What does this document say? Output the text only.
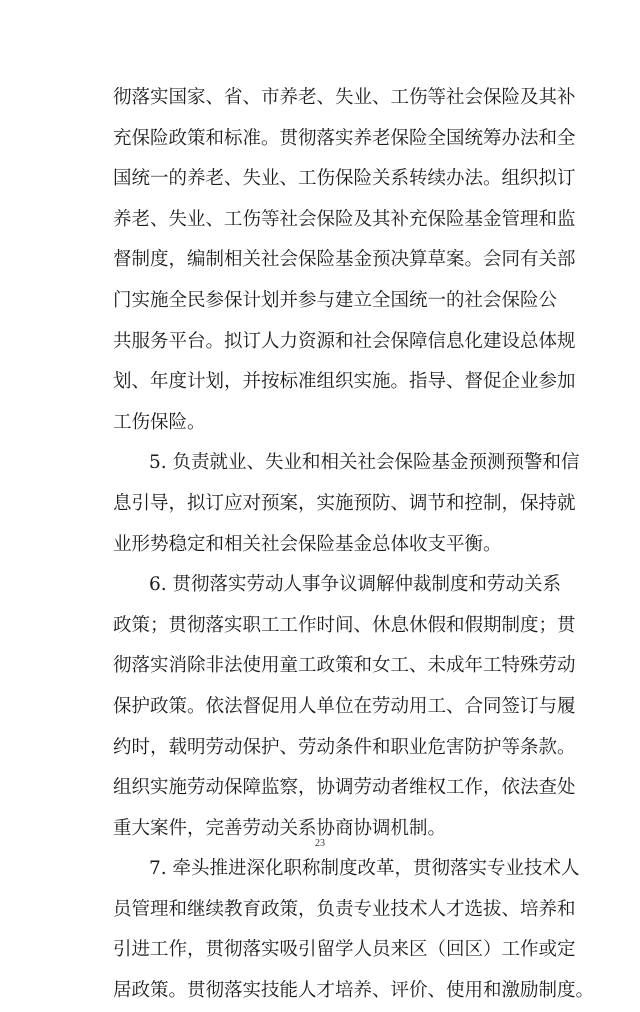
彻落实国家、省、市养老、失业、工伤等社会保险及其补
充保险政策和标准。贯彻落实养老保险全国统筹办法和全
国统一的养老、失业、工伤保险关系转续办法。组织拟订
养老、失业、工伤等社会保险及其补充保险基金管理和监
督制度，编制相关社会保险基金预决算草案。会同有关部
门实施全民参保计划并参与建立全国统一的社会保险公
共服务平台。拟订人力资源和社会保障信息化建设总体规
划、年度计划，并按标准组织实施。指导、督促企业参加
工伤保险。
5. 负责就业、失业和相关社会保险基金预测预警和信
息引导，拟订应对预案，实施预防、调节和控制，保持就
业形势稳定和相关社会保险基金总体收支平衡。
6. 贯彻落实劳动人事争议调解仲裁制度和劳动关系
政策；贯彻落实职工工作时间、休息休假和假期制度；贯
彻落实消除非法使用童工政策和女工、未成年工特殊劳动
保护政策。依法督促用人单位在劳动用工、合同签订与履
约时，载明劳动保护、劳动条件和职业危害防护等条款。
组织实施劳动保障监察，协调劳动者维权工作，依法查处
重大案件，完善劳动关系协商协调机制。
7. 牵头推进深化职称制度改革，贯彻落实专业技术人
员管理和继续教育政策，负责专业技术人才选拔、培养和
引进工作，贯彻落实吸引留学人员来区（回区）工作或定
居政策。贯彻落实技能人才培养、评价、使用和激励制度。
23
